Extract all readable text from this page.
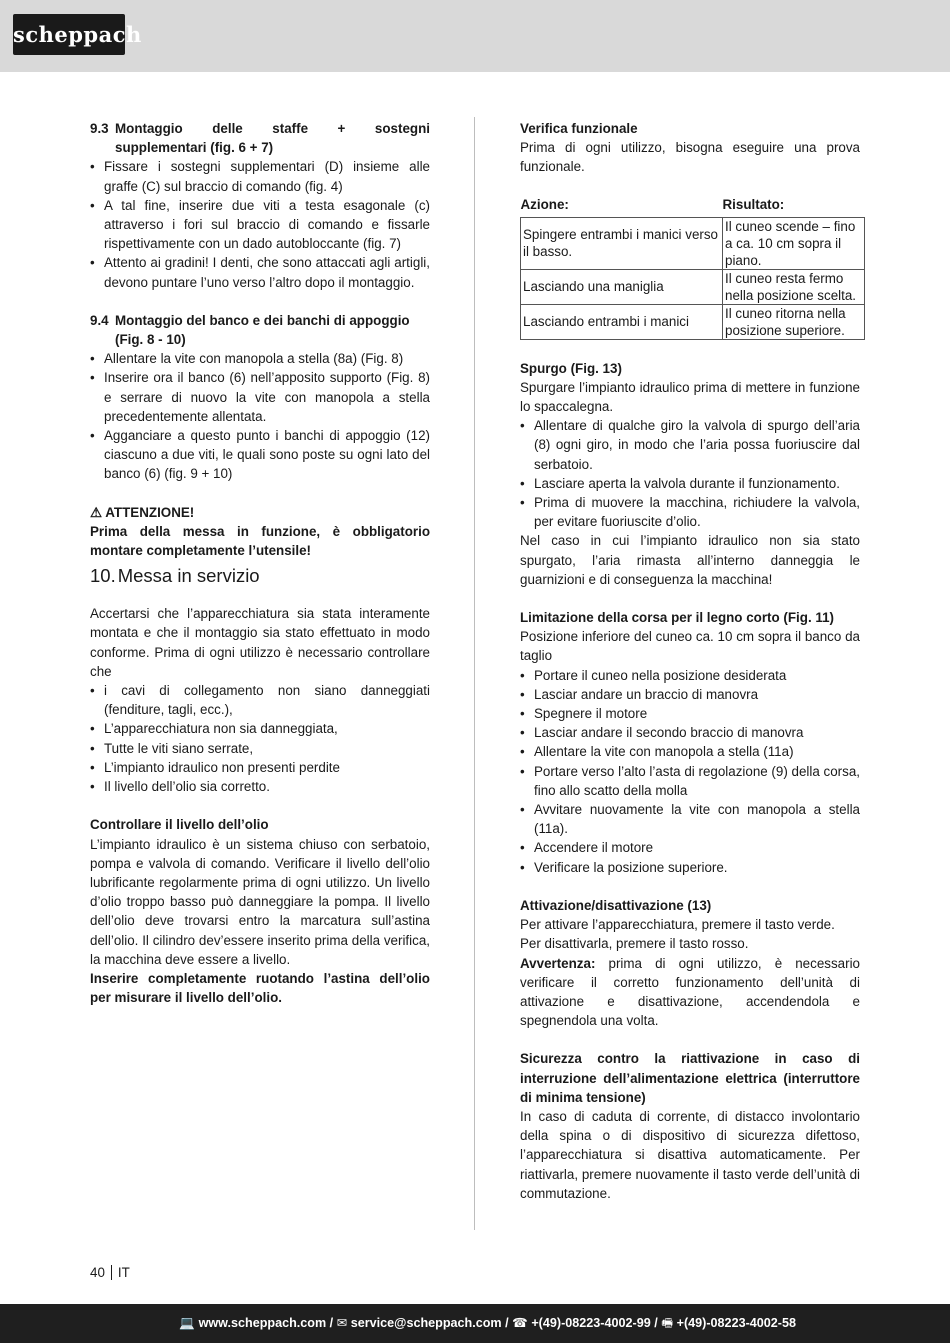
scheppach
9.3 Montaggio delle staffe + sostegni
supplementari (fig. 6 + 7)
• Fissare i sostegni supplementari (D) insieme alle graffe (C) sul braccio di comando (fig. 4)
• A tal fine, inserire due viti a testa esagonale (c) attraverso i fori sul braccio di comando e fissarle rispettivamente con un dado autobloccante (fig. 7)
• Attento ai gradini! I denti, che sono attaccati agli artigli, devono puntare l’uno verso l’altro dopo il montaggio.
9.4 Montaggio del banco e dei banchi di appoggio
(Fig. 8 - 10)
• Allentare la vite con manopola a stella (8a) (Fig. 8)
• Inserire ora il banco (6) nell’apposito supporto (Fig. 8) e serrare di nuovo la vite con manopola a stella precedentemente allentata.
• Agganciare a questo punto i banchi di appoggio (12) ciascuno a due viti, le quali sono poste su ogni lato del banco (6) (fig. 9 + 10)
⚠ ATTENZIONE!

Prima della messa in funzione, è obbligatorio montare completamente l’utensile!

10. Messa in servizio

Accertarsi che l’apparecchiatura sia stata interamente montata e che il montaggio sia stato effettuato in modo conforme. Prima di ogni utilizzo è necessario controllare che

• i cavi di collegamento non siano danneggiati (fenditure, tagli, ecc.),
• L’apparecchiatura non sia danneggiata,
• Tutte le viti siano serrate,
• L’impianto idraulico non presenti perdite
• Il livello dell’olio sia corretto.
Controllare il livello dell’olio

L’impianto idraulico è un sistema chiuso con serbatoio, pompa e valvola di comando. Verificare il livello dell’olio lubrificante regolarmente prima di ogni utilizzo. Un livello d’olio troppo basso può danneggiare la pompa. Il livello dell’olio deve trovarsi entro la marcatura sull’astina dell’olio. Il cilindro dev’essere inserito prima della verifica, la macchina deve essere a livello.

Inserire completamente ruotando l’astina dell’olio per misurare il livello dell’olio.

Verifica funzionale

Prima di ogni utilizzo, bisogna eseguire una prova funzionale.

Azione:	Risultato:
Spingere entrambi i manici verso il basso.	Il cuneo scende – fino a ca. 10 cm sopra il piano.
Lasciando una maniglia	Il cuneo resta fermo nella posizione scelta.
Lasciando entrambi i manici	Il cuneo ritorna nella posizione superiore.
Spurgo (Fig. 13)

Spurgare l’impianto idraulico prima di mettere in funzione lo spaccalegna.

• Allentare di qualche giro la valvola di spurgo dell’aria (8) ogni giro, in modo che l’aria possa fuoriuscire dal serbatoio.
• Lasciare aperta la valvola durante il funzionamento.
• Prima di muovere la macchina, richiudere la valvola, per evitare fuoriuscite d’olio.

Nel caso in cui l’impianto idraulico non sia stato spurgato, l’aria rimasta all’interno danneggia le guarnizioni e di conseguenza la macchina!

Limitazione della corsa per il legno corto (Fig. 11)

Posizione inferiore del cuneo ca. 10 cm sopra il banco da taglio

• Portare il cuneo nella posizione desiderata
• Lasciar andare un braccio di manovra
• Spegnere il motore
• Lasciar andare il secondo braccio di manovra
• Allentare la vite con manopola a stella (11a)
• Portare verso l’alto l’asta di regolazione (9) della corsa, fino allo scatto della molla
• Avvitare nuovamente la vite con manopola a stella (11a).
• Accendere il motore
• Verificare la posizione superiore.
Attivazione/disattivazione (13)

Per attivare l’apparecchiatura, premere il tasto verde.

Per disattivarla, premere il tasto rosso.

Avvertenza: prima di ogni utilizzo, è necessario verificare il corretto funzionamento dell’unità di attivazione e disattivazione, accendendola e spegnendola una volta.

Sicurezza contro la riattivazione in caso di interruzione dell’alimentazione elettrica (interruttore di minima tensione)

In caso di caduta di corrente, di distacco involontario della spina o di dispositivo di sicurezza difettoso, l’apparecchiatura si disattiva automaticamente. Per riattivarla, premere nuovamente il tasto verde dell’unità di commutazione.

40 IT
💻 www.scheppach.com / ✉ service@scheppach.com / ☎ +(49)-08223-4002-99 / 🖷 +(49)-08223-4002-58
